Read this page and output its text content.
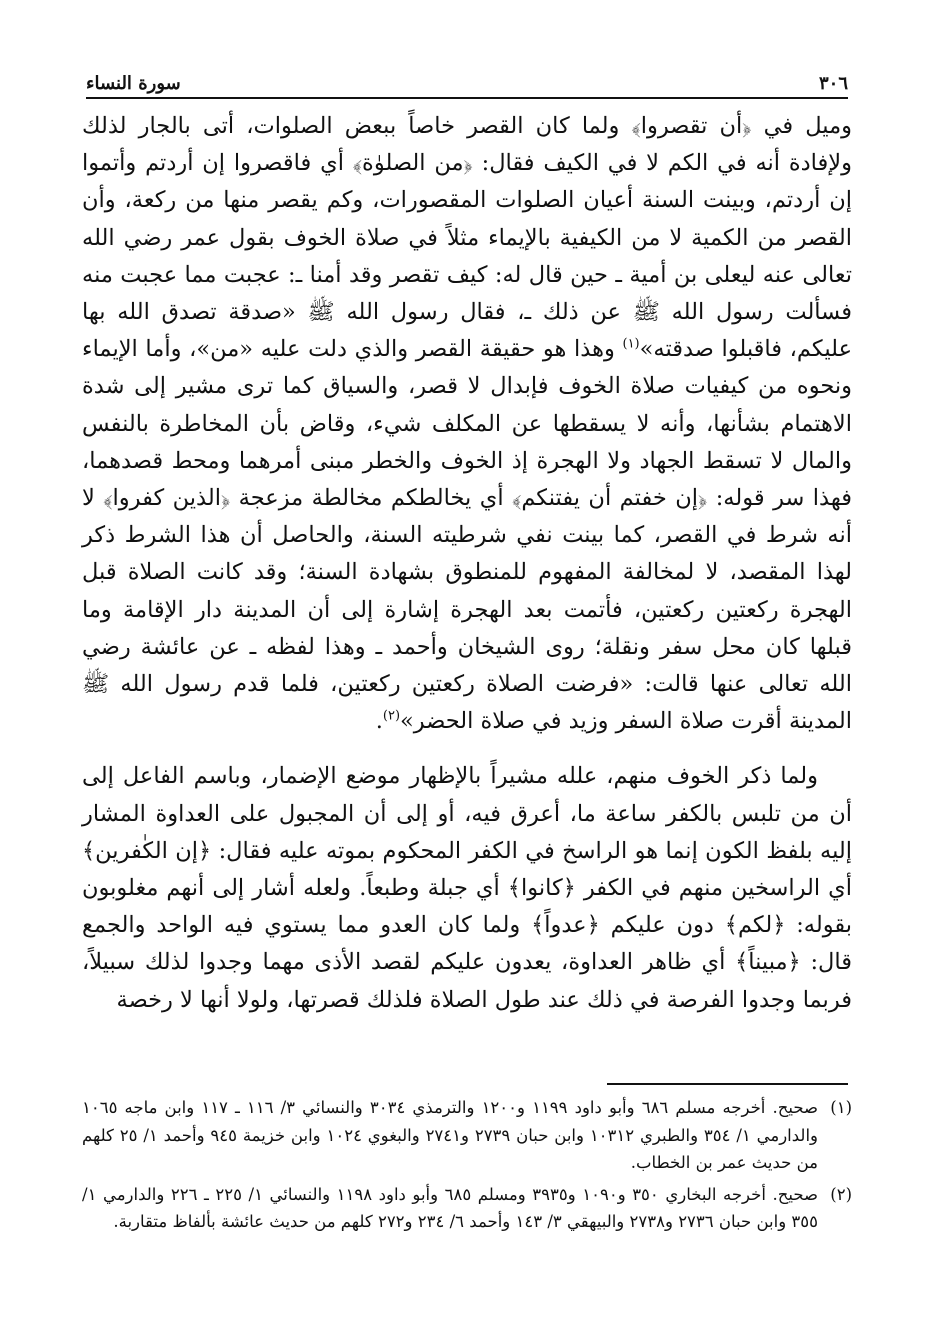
٣٠٦
سورة النساء

وميل في ﴿أن تقصروا﴾ ولما كان القصر خاصاً ببعض الصلوات، أتى بالجار لذلك ولإفادة أنه في الكم لا في الكيف فقال: ﴿من الصلوٰة﴾ أي فاقصروا إن أردتم وأتموا إن أردتم، وبينت السنة أعيان الصلوات المقصورات، وكم يقصر منها من ركعة، وأن القصر من الكمية لا من الكيفية بالإيماء مثلاً في صلاة الخوف بقول عمر رضي الله تعالى عنه ليعلى بن أمية ـ حين قال له: كيف تقصر وقد أمنا ـ: عجبت مما عجبت منه فسألت رسول الله ﷺ عن ذلك ـ، فقال رسول الله ﷺ «صدقة تصدق الله بها عليكم، فاقبلوا صدقته»$^{(١)}$ وهذا هو حقيقة القصر والذي دلت عليه «من»، وأما الإيماء ونحوه من كيفيات صلاة الخوف فإبدال لا قصر، والسياق كما ترى مشير إلى شدة الاهتمام بشأنها، وأنه لا يسقطها عن المكلف شيء، وقاض بأن المخاطرة بالنفس والمال لا تسقط الجهاد ولا الهجرة إذ الخوف والخطر مبنى أمرهما ومحط قصدهما، فهذا سر قوله: ﴿إن خفتم أن يفتنكم﴾ أي يخالطكم مخالطة مزعجة ﴿الذين كفروا﴾ لا أنه شرط في القصر، كما بينت نفي شرطيته السنة، والحاصل أن هذا الشرط ذكر لهذا المقصد، لا لمخالفة المفهوم للمنطوق بشهادة السنة؛ وقد كانت الصلاة قبل الهجرة ركعتين ركعتين، فأتمت بعد الهجرة إشارة إلى أن المدينة دار الإقامة وما قبلها كان محل سفر ونقلة؛ روى الشيخان وأحمد ـ وهذا لفظه ـ عن عائشة رضي الله تعالى عنها قالت: «فرضت الصلاة ركعتين ركعتين، فلما قدم رسول الله ﷺ المدينة أقرت صلاة السفر وزيد في صلاة الحضر»$^{(٢)}$.

ولما ذكر الخوف منهم، علله مشيراً بالإظهار موضع الإضمار، وباسم الفاعل إلى أن من تلبس بالكفر ساعة ما، أعرق فيه، أو إلى أن المجبول على العداوة المشار إليه بلفظ الكون إنما هو الراسخ في الكفر المحكوم بموته عليه فقال: ﴿إن الكٰفرين﴾ أي الراسخين منهم في الكفر ﴿كانوا﴾ أي جبلة وطبعاً. ولعله أشار إلى أنهم مغلوبون بقوله: ﴿لكم﴾ دون عليكم ﴿عدواً﴾ ولما كان العدو مما يستوي فيه الواحد والجمع قال: ﴿مبيناً﴾ أي ظاهر العداوة، يعدون عليكم لقصد الأذى مهما وجدوا لذلك سبيلاً، فربما وجدوا الفرصة في ذلك عند طول الصلاة فلذلك قصرتها، ولولا أنها لا رخصة

(١)
صحيح. أخرجه مسلم ٦٨٦ وأبو داود ١١٩٩ و١٢٠٠ والترمذي ٣٠٣٤ والنسائي ٣/ ١١٦ ـ ١١٧ وابن ماجه ١٠٦٥ والدارمي ١/ ٣٥٤ والطبري ١٠٣١٢ وابن حبان ٢٧٣٩ و٢٧٤١ والبغوي ١٠٢٤ وابن خزيمة ٩٤٥ وأحمد ١/ ٢٥ كلهم من حديث عمر بن الخطاب.
(٢)
صحيح. أخرجه البخاري ٣٥٠ و١٠٩٠ و٣٩٣٥ ومسلم ٦٨٥ وأبو داود ١١٩٨ والنسائي ١/ ٢٢٥ ـ ٢٢٦ والدارمي ١/ ٣٥٥ وابن حبان ٢٧٣٦ و٢٧٣٨ والبيهقي ٣/ ١٤٣ وأحمد ٦/ ٢٣٤ و٢٧٢ كلهم من حديث عائشة بألفاظ متقاربة.
